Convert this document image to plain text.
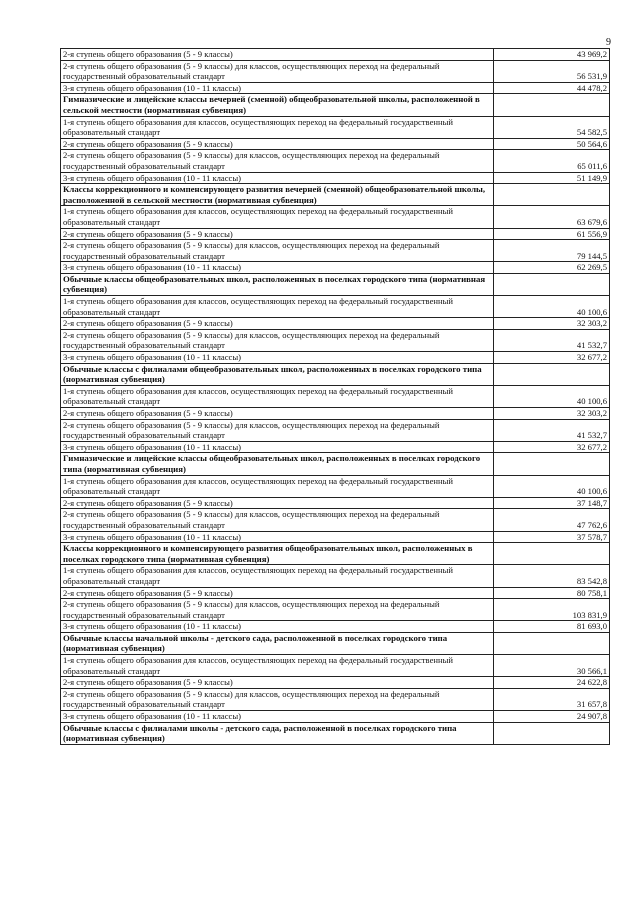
9
2-я ступень общего образования (5 - 9 классы)	43 969,2
2-я ступень общего образования (5 - 9 классы) для классов, осуществляющих переход на федеральный государственный образовательный стандарт	56 531,9
3-я ступень общего образования (10 - 11 классы)	44 478,2
Гимназические и лицейские классы вечерней (сменной) общеобразовательной школы, расположенной в сельской местности (нормативная субвенция)	
1-я ступень общего образования для классов, осуществляющих переход на федеральный государственный образовательный стандарт	54 582,5
2-я ступень общего образования (5 - 9 классы)	50 564,6
2-я ступень общего образования (5 - 9 классы) для классов, осуществляющих переход на федеральный государственный образовательный стандарт	65 011,6
3-я ступень общего образования (10 - 11 классы)	51 149,9
Классы коррекционного и компенсирующего развития вечерней (сменной) общеобразовательной школы, расположенной в сельской местности (нормативная субвенция)	
1-я ступень общего образования для классов, осуществляющих переход на федеральный государственный образовательный стандарт	63 679,6
2-я ступень общего образования (5 - 9 классы)	61 556,9
2-я ступень общего образования (5 - 9 классы) для классов, осуществляющих переход на федеральный государственный образовательный стандарт	79 144,5
3-я ступень общего образования (10 - 11 классы)	62 269,5
Обычные классы общеобразовательных школ, расположенных в поселках городского типа (нормативная субвенция)	
1-я ступень общего образования для классов, осуществляющих переход на федеральный государственный образовательный стандарт	40 100,6
2-я ступень общего образования (5 - 9 классы)	32 303,2
2-я ступень общего образования (5 - 9 классы) для классов, осуществляющих переход на федеральный государственный образовательный стандарт	41 532,7
3-я ступень общего образования (10 - 11 классы)	32 677,2
Обычные классы с филиалами общеобразовательных школ, расположенных в поселках городского типа (нормативная субвенция)	
1-я ступень общего образования для классов, осуществляющих переход на федеральный государственный образовательный стандарт	40 100,6
2-я ступень общего образования (5 - 9 классы)	32 303,2
2-я ступень общего образования (5 - 9 классы) для классов, осуществляющих переход на федеральный государственный образовательный стандарт	41 532,7
3-я ступень общего образования (10 - 11 классы)	32 677,2
Гимназические и лицейские классы общеобразовательных школ, расположенных в поселках городского типа (нормативная субвенция)	
1-я ступень общего образования для классов, осуществляющих переход на федеральный государственный образовательный стандарт	40 100,6
2-я ступень общего образования (5 - 9 классы)	37 148,7
2-я ступень общего образования (5 - 9 классы) для классов, осуществляющих переход на федеральный государственный образовательный стандарт	47 762,6
3-я ступень общего образования (10 - 11 классы)	37 578,7
Классы коррекционного и компенсирующего развития общеобразовательных школ, расположенных в поселках городского типа (нормативная субвенция)	
1-я ступень общего образования для классов, осуществляющих переход на федеральный государственный образовательный стандарт	83 542,8
2-я ступень общего образования (5 - 9 классы)	80 758,1
2-я ступень общего образования (5 - 9 классы) для классов, осуществляющих переход на федеральный государственный образовательный стандарт	103 831,9
3-я ступень общего образования (10 - 11 классы)	81 693,0
Обычные классы начальной школы - детского сада, расположенной в поселках городского типа (нормативная субвенция)	
1-я ступень общего образования для классов, осуществляющих переход на федеральный государственный образовательный стандарт	30 566,1
2-я ступень общего образования (5 - 9 классы)	24 622,8
2-я ступень общего образования (5 - 9 классы) для классов, осуществляющих переход на федеральный государственный образовательный стандарт	31 657,8
3-я ступень общего образования (10 - 11 классы)	24 907,8
Обычные классы с филиалами школы - детского сада, расположенной в поселках городского типа (нормативная субвенция)	
